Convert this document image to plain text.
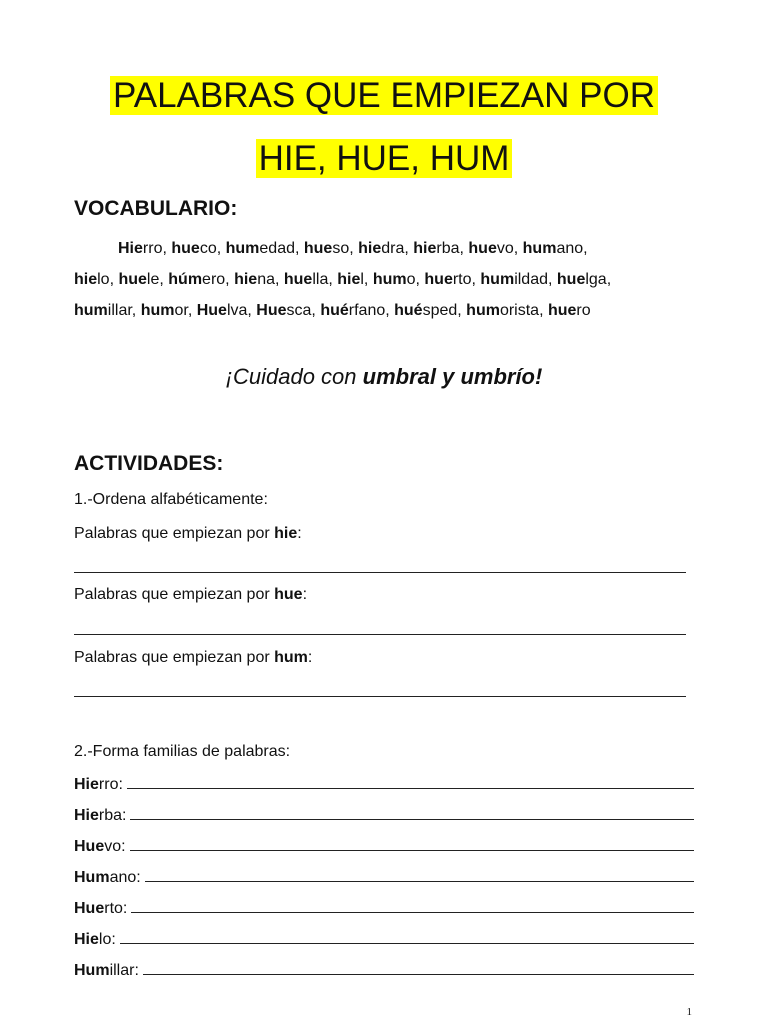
PALABRAS QUE EMPIEZAN POR
HIE, HUE, HUM
VOCABULARIO:
Hierro, hueco, humedad, hueso, hiedra, hierba, huevo, humano,
hielo, huele, húmero, hiena, huella, hiel, humo, huerto, humildad, huelga,
humillar, humor, Huelva, Huesca, huérfano, huésped, humorista, huero
¡Cuidado con umbral y umbrío!
ACTIVIDADES:
1.-Ordena alfabéticamente:
Palabras que empiezan por hie:
Palabras que empiezan por hue:
Palabras que empiezan por hum:
2.-Forma familias de palabras:
Hierro:
Hierba:
Huevo:
Humano:
Huerto:
Hielo:
Humillar:
1
